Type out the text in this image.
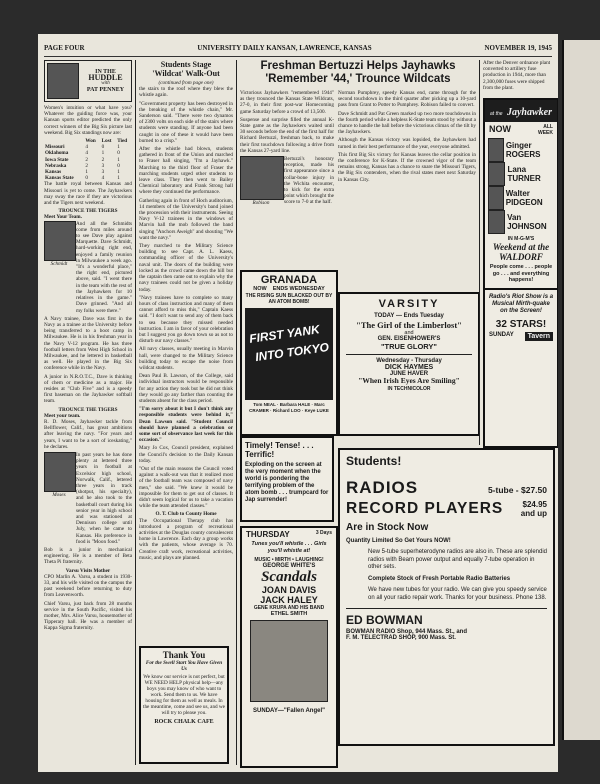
PAGE FOUR	UNIVERSITY DAILY KANSAN, LAWRENCE, KANSAS	NOVEMBER 19, 1945
IN THE
HUDDLE
with
PAT PENNEY

Women's intuition or what have you? Whatever the guiding force was, your Kansan sports editor predicted the only correct winners of the Big Six picture last weekend. Big Six standings now are:

	Won	Lost	Tied
Missouri	4	0	1
Oklahoma	4	1	0
Iowa State	2	2	1
Nebraska	2	3	0
Kansas	1	3	1
Kansas State	0	4	1

The battle royal between Kansas and Missouri is yet to come. The Jayhawkers may sway the race if they are victorious and the Tigers next weekend.

TROUNCE THE TIGERS
Meet Your Team.
Schmidt

And all the Schmidts come from miles around to see Dave play against Marquette. Dave Schmidt, hard-working right end, enjoyed a family reunion in Milwaukee a week ago. "It's a wonderful place," the right end, pictured above, said. "I went there in the team with the rest of the Jayhawkers for 10 relatives in the game." Dave grinned. "And all my folks were there."

A Navy trainee, Dave was first in the Navy as a trainee at the University before being transferred to a boot camp in Milwaukee. He is in his freshman year in the Navy V-12 program. He has three football letters from West High School in Milwaukee, and he lettered in basketball as well. He played in the Big Six conference while in the Navy.

A junior in N.R.O.T.C., Dave is thinking of chem or medicine as a major. He resides at "Club Five" and is a speedy first baseman on the Jayhawker softball team.

TROUNCE THE TIGERS
Meet your team.

R. D. Moses, Jayhawker tackle from Bellflower, Calif., has great ambitions after leaving the navy. "For years and years, I want to be a sort of iceskating," he declares.

Moses

In past years he has done plenty at lettered three years in football at Excelsior high school, Norwalk, Calif., lettered three years in track (shotput, his specialty), and he also took to the basketball court during his senior year in high school and was stationed at Dennison college until July, when he came to Kansas. His preference in food is "Moon food."

Bob is a junior in mechanical engineering. He is a member of Beta Theta Pi fraternity.

Varsu Visits Mother

CPO Marlin A. Varsu, a student in 1930-33, and his wife visited on the campus the past weekend before returning to duty from Leavenworth.

Chief Varsu, just back from 28 months service in the South Pacific, visited his mother, Mrs. Alice Varsu, housemother of Tipperary hall. He was a member of Kappa Sigma fraternity.

Students Stage
'Wildcat' Walk-Out
(continued from page one)

the stairs to the roof where they blew the whistle again.

"Government property has been destroyed in the breaking of the whistle chain," Mr. Sanderson said. "There were two dynamos of 2300 volts on each side of the stairs where students were standing. If anyone had been caught in one of these it would have been burned to a crisp."

After the whistle had blown, students gathered in front of the Union and marched to Fraser hall singing, "I'm a Jayhawk." Marching to the third floor of Fraser the marching students urged other students to leave class. They then went to Bailey Chemical laboratory and Frank Strong hall where they continued the performance.

Gathering again in front of Hoch auditorium, 14 members of the University's band joined the procession with their instruments. Seeing Navy V-12 trainees in the windows of Marvin hall the mob followed the band singing "Anchors Aweigh" and shouting "We want the navy."

They marched to the Military Science building to see Capt. A. L. Kaess, commanding officer of the University's naval unit. The doors of the building were locked as the crowd came down the hill but the captain then came out to explain why the navy trainees could not be given a holiday today.

"Navy trainees have to complete so many hours of class instruction and many of them cannot afford to miss this," Captain Kaess said. "I don't want to send any of them back to sea because they missed needed instruction. I am in favor of your celebration but I suggest you go down town so as not to disturb our navy classes."

All navy classes, usually meeting in Marvin hall, were changed to the Military Science building today to escape the noise from wildcat students.

Dean Paul B. Lawson, of the College, said individual instructors would be responsible for any action they took but he did not think they would go any farther than counting the students absent for the class period.

"I'm sorry about it but I don't think any responsible students were behind it," Dean Lawson said. "Student Council should have planned a celebration or some sort of observance last week for this occasion."

Mary Jo Cox, Council president, explained the Council's decision to the Daily Kansan today.

"Out of the main reasons the Council voted against a walk-out was that it realized most of the football team was composed of navy men," she said. "We knew it would be impossible for them to get out of classes. It didn't seem logical for us to take a vacation while the team attended classes."

O. T. Club to County Home

The Occupational Therapy club has introduced a program of recreational activities at the Douglas county convalescent home in Lawrence. Each day a group works with the patients, whose average is 70. Creative craft work, recreational activities, music, and plays are planned.

Thank You
For the Swell Start You Have Given Us
We know our service is not perfect, but WE NEED HELP physical help—any boys you may know of who want to work. Send them to us. We have housing for them as well as meals. In the meantime, come and see us, and we will try to please you.
ROCK CHALK CAFE
Freshman Bertuzzi Helps Jayhawks
'Remember '44,' Trounce Wildcats

Victorious Jayhawkers "remembered 1944" as they trounced the Kansas State Wildcats, 27-0, in their first post-war Homecoming game Saturday before a crowd of 13,500.

Suspense and surprise filled the annual K-State game as the Jayhawkers waited until 30 seconds before the end of the first half for Richard Bertuzzi, freshman back, to make their first touchdown following a drive from the Kansas 27-yard line.

Robison

Bertuzzi's honorary reception, made his first appearance since a collar-bone injury in the Wichita encounter, to kick for the extra point which brought the score to 7-0 at the half.

Norman Pumphrey, speedy Kansas end, came through for the second touchdown in the third quarter after picking up a 10-yard pass from Grant to Potter to Pumphrey. Robison failed to convert.

Dave Schmidt and Pat Green marked up two more touchdowns in the fourth period while a helpless K-State team stood by without a chance to handle the ball before the victorious climax of the tilt by the Jayhawkers.

Although the Kansas victory was lopsided, the Jayhawkers had turned in their best performance of the year, everyone admitted.

This first Big Six victory for Kansas leaves the cellar position in the conference for K-State. If the crowned vigor of the team remains strong, Kansas has a chance to snare the Missouri Tigers, the Big Six contenders, when the rival states meet next Saturday in Kansas City.

GRANADA
NOW ENDS WEDNESDAY
THE RISING SUN BLACKED OUT BY AN ATOM BOMB!
FIRST YANK
INTO TOKYO
Tom NEAL · Barbara HALE · Marc CRAMER · Richard LOO · Keye LUKE
VARSITY
TODAY — Ends Tuesday
"The Girl of the Limberlost"
and
GEN. EISENHOWER'S
"TRUE GLORY"
Wednesday - Thursday
DICK HAYMES
JUNE HAVER
"When Irish Eyes Are Smiling"
IN TECHNICOLOR
Timely! Tense! . . . Terrific!
Exploding on the screen at the very moment when the world is pondering the terrifying problem of the atom bomb . . . trumpcard for Jap surrender!
THURSDAY	3 Days
Tunes you'll whistle . . . Girls you'll whistle at!
MUSIC • MIRTH • LAUGHING!
GEORGE WHITE'S
Scandals
JOAN DAVIS
JACK HALEY
GENE KRUPA AND HIS BAND
ETHEL SMITH
SUNDAY—"Fallen Angel"

After the Denver ordnance plant converted to artillery fuse production in 1944, more than 2,300,000 fuses were shipped from the plant.

at the Jayhawker
NOW	ALL
WEEK
Ginger ROGERS
Lana TURNER
Walter PIDGEON
Van JOHNSON
IN M-G-M'S
Weekend at the WALDORF
People come . . . people go . . . and everything happens!
Radio's Riot Show is a Musical Mirth-quake on the Screen!
32 STARS!
SUNDAY	Tavern
Students!
RADIOS	5-tube - $27.50
RECORD PLAYERS $24.95
and up
Are in Stock Now
Quantity Limited So Get Yours NOW!
New 5-tube superheterodyne radios are also in. These are splendid radios with Beam power output and equally 7-tube operation in other sets.
Complete Stock of Fresh Portable Radio Batteries
We have new tubes for your radio. We can give you speedy service on all your radio repair work. Thanks for your business. Phone 138.
ED BOWMAN
BOWMAN RADIO Shop, 944 Mass. St., and
F. M. TELECTRAD SHOP, 900 Mass. St.
